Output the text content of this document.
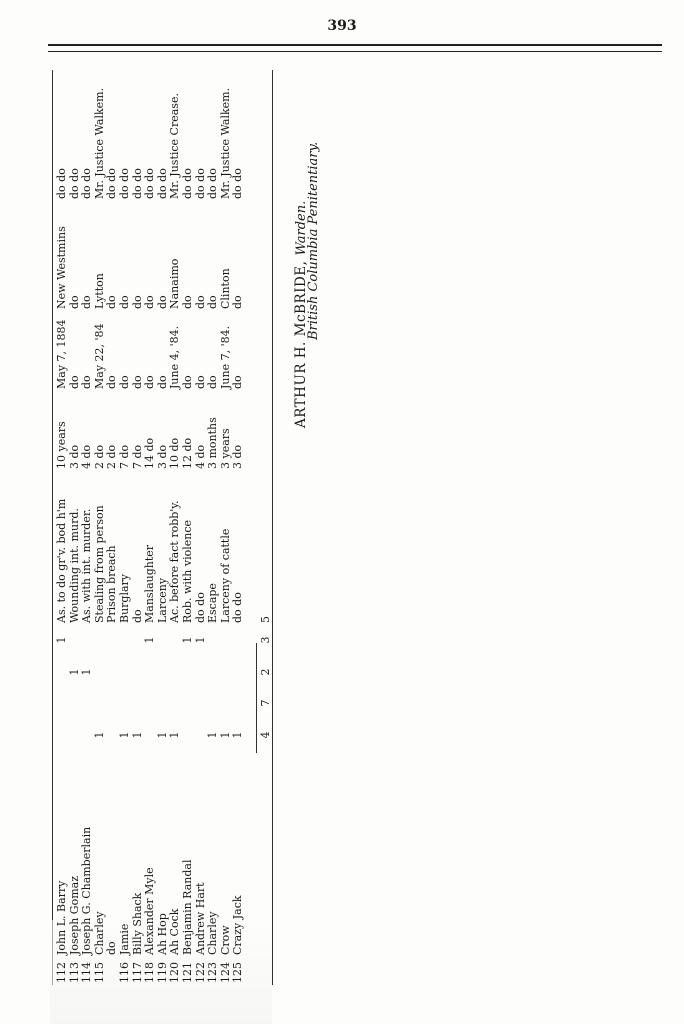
393
112
John L. Barry
1
As. to do gr'v. bod h'm
10 years
May 7, 1884
New Westmins
do do
113
Joseph Gomaz
1
Wounding int. murd.
3 do
do
do
do do
114
Joseph G. Chamberlain
1
As. with int. murder.
4 do
do
do
do do
115
Charley
1
Stealing from person
2 do
May 22, '84
Lytton
Mr. Justice Walkem.
do
Prison breach
2 do
do
do
do do
116
Jamie
1
Burglary
7 do
do
do
do do
117
Billy Shack
1
do
7 do
do
do
do do
118
Alexander Myle
1
Manslaughter
14 do
do
do
do do
119
Ah Hop
1
Larceny
3 do
do
do
do do
120
Ah Cock
1
Ac. before fact robb'y.
10 do
June 4, '84.
Nanaimo
Mr. Justice Crease.
121
Benjamin Randal
1
Rob. with violence
12 do
do
do
do do
122
Andrew Hart
1
do do
4 do
do
do
do do
123
Charley
1
Escape
3 months
do
do
do do
124
Crow
1
Larceny of cattle
3 years
June 7, '84.
Clinton
Mr. Justice Walkem.
125
Crazy Jack
1
do do
3 do
do
do
do do
4
7
2
3
5
ARTHUR H. McBRIDE, Warden.
British Columbia Penitentiary.
